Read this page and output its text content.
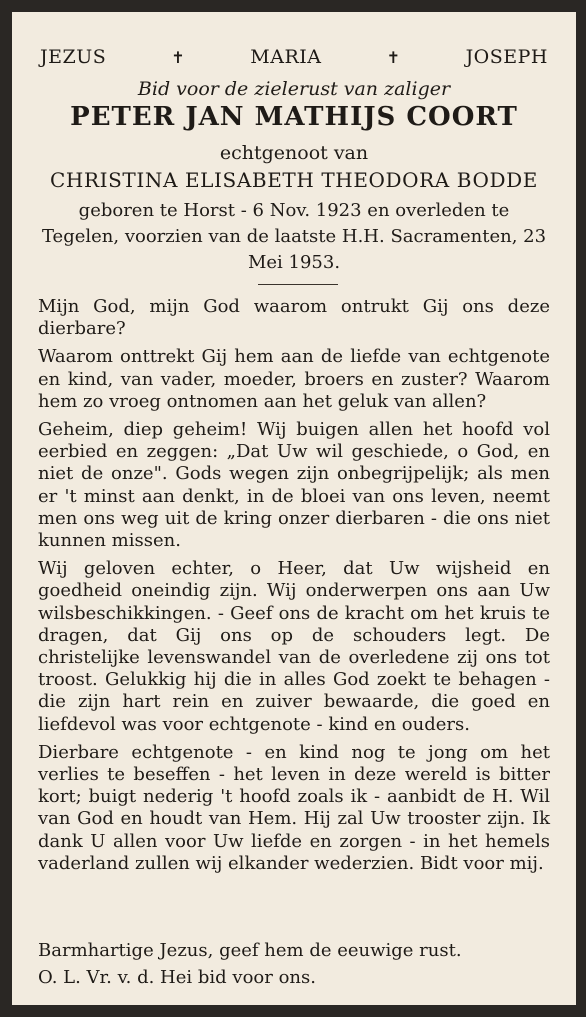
JEZUS	✝	MARIA	✝	JOSEPH
Bid voor de zielerust van zaliger
PETER JAN MATHIJS COORT
echtgenoot van
CHRISTINA ELISABETH THEODORA BODDE
geboren te Horst - 6 Nov. 1923 en overleden te Tegelen, voorzien van de laatste H.H. Sacramenten, 23 Mei 1953.

Mijn God, mijn God waarom ontrukt Gij ons deze dierbare?

Waarom onttrekt Gij hem aan de liefde van echtgenote en kind, van vader, moeder, broers en zuster? Waarom hem zo vroeg ontnomen aan het geluk van allen?

Geheim, diep geheim! Wij buigen allen het hoofd vol eerbied en zeggen: „Dat Uw wil geschiede, o God, en niet de onze". Gods wegen zijn onbegrijpelijk; als men er 't minst aan denkt, in de bloei van ons leven, neemt men ons weg uit de kring onzer dierbaren - die ons niet kunnen missen.

Wij geloven echter, o Heer, dat Uw wijsheid en goedheid oneindig zijn. Wij onderwerpen ons aan Uw wilsbeschikkingen. - Geef ons de kracht om het kruis te dragen, dat Gij ons op de schouders legt. De christelijke levenswandel van de overledene zij ons tot troost. Gelukkig hij die in alles God zoekt te behagen - die zijn hart rein en zuiver bewaarde, die goed en liefdevol was voor echtgenote - kind en ouders.

Dierbare echtgenote - en kind nog te jong om het verlies te beseffen - het leven in deze wereld is bitter kort; buigt nederig 't hoofd zoals ik - aanbidt de H. Wil van God en houdt van Hem. Hij zal Uw trooster zijn. Ik dank U allen voor Uw liefde en zorgen - in het hemels vaderland zullen wij elkander wederzien. Bidt voor mij.

Barmhartige Jezus, geef hem de eeuwige rust.
O. L. Vr. v. d. Hei bid voor ons.
